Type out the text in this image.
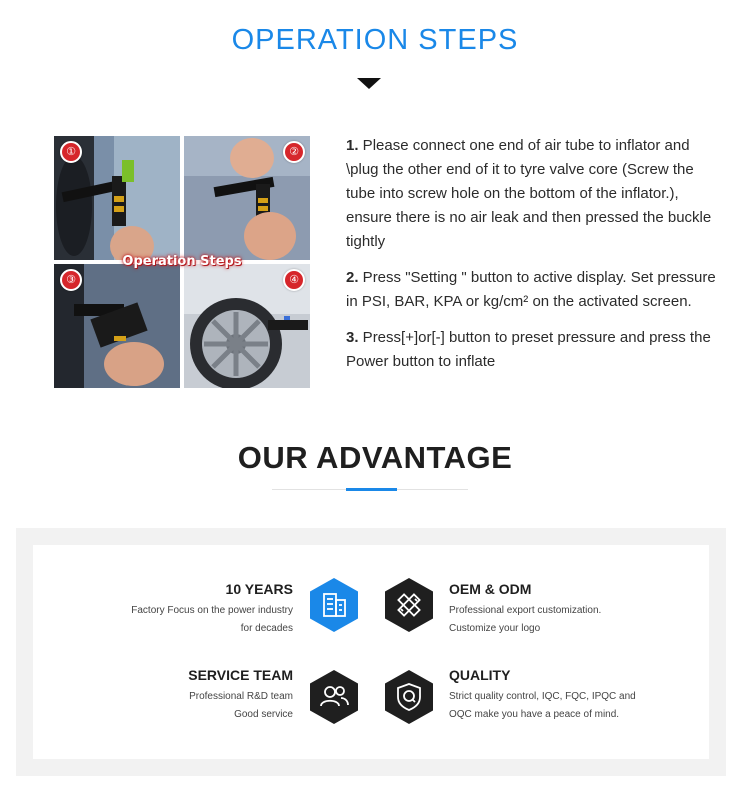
OPERATION STEPS
①	②
③	④
Operation Steps

1. Please connect one end of air tube to inflator and \plug the other end of it to tyre valve core (Screw the tube into screw hole on the bottom of the inflator.), ensure there is no air leak and then pressed the buckle tightly

2. Press "Setting " button to active display. Set pressure in PSI, BAR, KPA or kg/cm² on the activated screen.

3. Press[+]or[-] button to preset pressure and press the Power button to inflate

OUR ADVANTAGE
10 YEARS
Factory Focus on the power industry
for decades
OEM & ODM
Professional export customization.
Customize your logo
SERVICE TEAM
Professional R&D team
Good service
QUALITY
Strict quality control, IQC, FQC, IPQC and
OQC make you have a peace of mind.
